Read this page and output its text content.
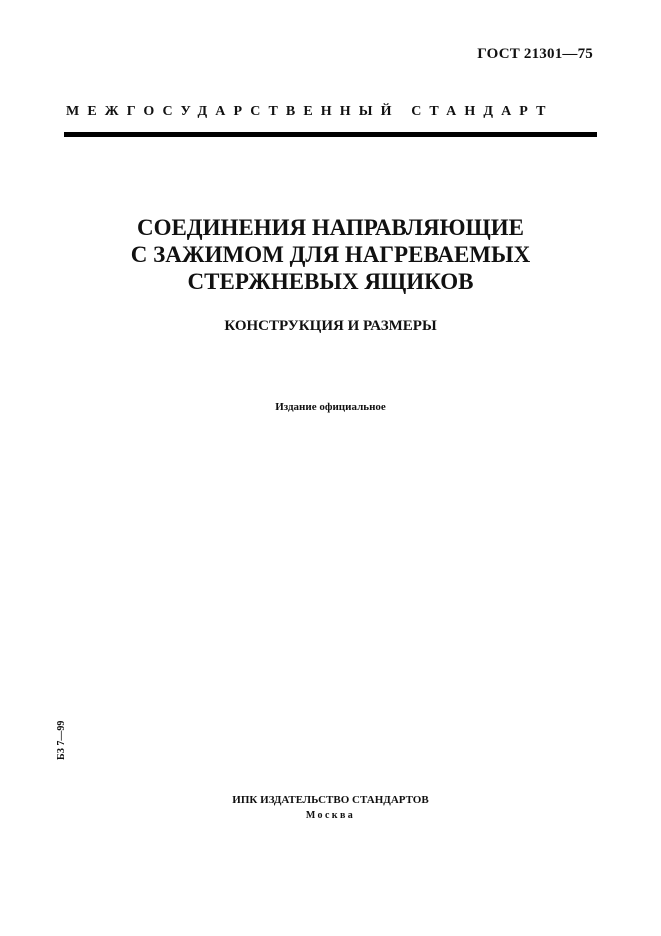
ГОСТ 21301—75
МЕЖГОСУДАРСТВЕННЫЙ СТАНДАРТ
СОЕДИНЕНИЯ НАПРАВЛЯЮЩИЕ
С ЗАЖИМОМ ДЛЯ НАГРЕВАЕМЫХ
СТЕРЖНЕВЫХ ЯЩИКОВ
КОНСТРУКЦИЯ И РАЗМЕРЫ
Издание официальное
БЗ 7—99
ИПК ИЗДАТЕЛЬСТВО СТАНДАРТОВ
Москва
